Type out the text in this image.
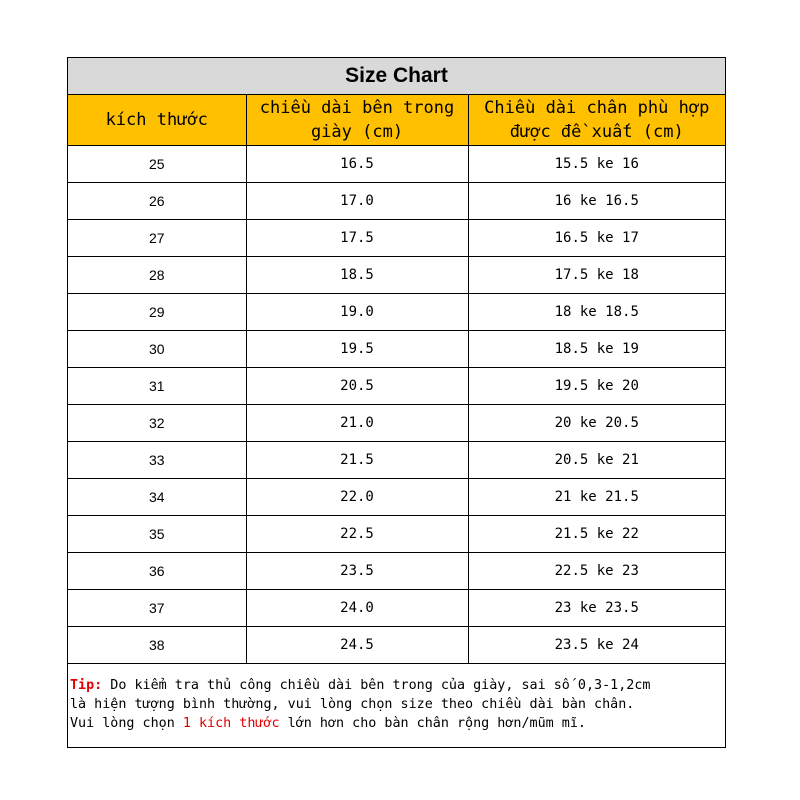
Size Chart
kích thước	chiều dài bên trong giày (cm)	Chiều dài chân phù hợp được đề xuất (cm)
25	16.5	15.5 ke 16
26	17.0	16 ke 16.5
27	17.5	16.5 ke 17
28	18.5	17.5 ke 18
29	19.0	18 ke 18.5
30	19.5	18.5 ke 19
31	20.5	19.5 ke 20
32	21.0	20 ke 20.5
33	21.5	20.5 ke 21
34	22.0	21 ke 21.5
35	22.5	21.5 ke 22
36	23.5	22.5 ke 23
37	24.0	23 ke 23.5
38	24.5	23.5 ke 24
Tip: Do kiểm tra thủ công chiều dài bên trong của giày, sai số 0,3-1,2cm
là hiện tượng bình thường, vui lòng chọn size theo chiều dài bàn chân.
Vui lòng chọn 1 kích thước lớn hơn cho bàn chân rộng hơn/mũm mĩ.
